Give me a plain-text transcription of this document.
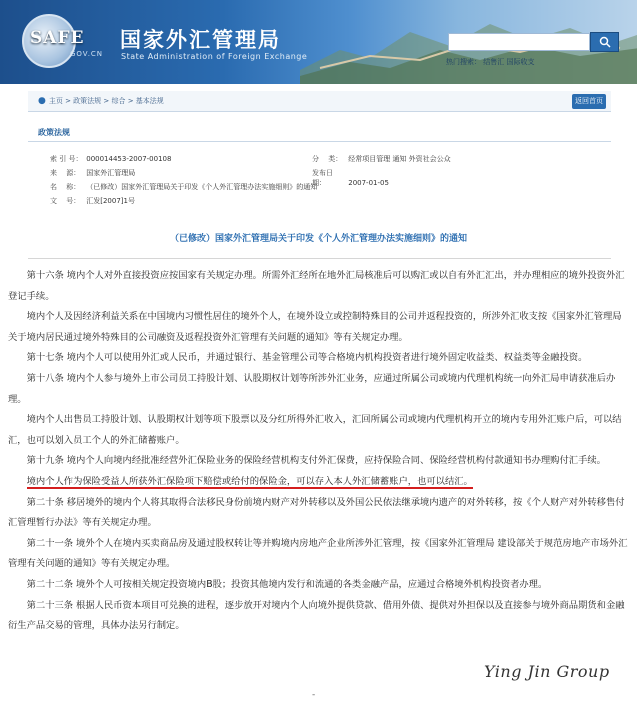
SAFE
GOV.CN
国家外汇管理局
State Administration of Foreign Exchange
热门搜索： 结售汇 国际收支
● 主页 > 政策法规 > 综合 > 基本法规	返回首页
政策法规
索 引 号： 000014453-2007-00108	分　 类： 经常项目管理 通知 外资社会公众
来　 源： 国家外汇管理局	发布日期：	2007-01-05
名　 称： （已修改）国家外汇管理局关于印发《个人外汇管理办法实施细则》的通知
文　 号： 汇发[2007]1号
（已修改）国家外汇管理局关于印发《个人外汇管理办法实施细则》的通知

第十六条 境内个人对外直接投资应按国家有关规定办理。所需外汇经所在地外汇局核准后可以购汇或以自有外汇汇出，并办理相应的境外投资外汇登记手续。

境内个人及因经济利益关系在中国境内习惯性居住的境外个人，在境外设立或控制特殊目的公司并返程投资的，所涉外汇收支按《国家外汇管理局关于境内居民通过境外特殊目的公司融资及返程投资外汇管理有关问题的通知》等有关规定办理。

第十七条 境内个人可以使用外汇或人民币，并通过银行、基金管理公司等合格境内机构投资者进行境外固定收益类、权益类等金融投资。

第十八条 境内个人参与境外上市公司员工持股计划、认股期权计划等所涉外汇业务，应通过所属公司或境内代理机构统一向外汇局申请获准后办理。

境内个人出售员工持股计划、认股期权计划等项下股票以及分红所得外汇收入，汇回所属公司或境内代理机构开立的境内专用外汇账户后，可以结汇，也可以划入员工个人的外汇储蓄账户。

第十九条 境内个人向境内经批准经营外汇保险业务的保险经营机构支付外汇保费，应持保险合同、保险经营机构付款通知书办理购付汇手续。

境内个人作为保险受益人所获外汇保险项下赔偿或给付的保险金，可以存入本人外汇储蓄账户，也可以结汇。

第二十条 移居境外的境内个人将其取得合法移民身份前境内财产对外转移以及外国公民依法继承境内遗产的对外转移，按《个人财产对外转移售付汇管理暂行办法》等有关规定办理。

第二十一条 境外个人在境内买卖商品房及通过股权转让等并购境内房地产企业所涉外汇管理，按《国家外汇管理局 建设部关于规范房地产市场外汇管理有关问题的通知》等有关规定办理。

第二十二条 境外个人可按相关规定投资境内B股；投资其他境内发行和流通的各类金融产品，应通过合格境外机构投资者办理。

第二十三条 根据人民币资本项目可兑换的进程，逐步放开对境内个人向境外提供贷款、借用外债、提供对外担保以及直接参与境外商品期货和金融衍生产品交易的管理，具体办法另行制定。

Ying Jin Group
-
